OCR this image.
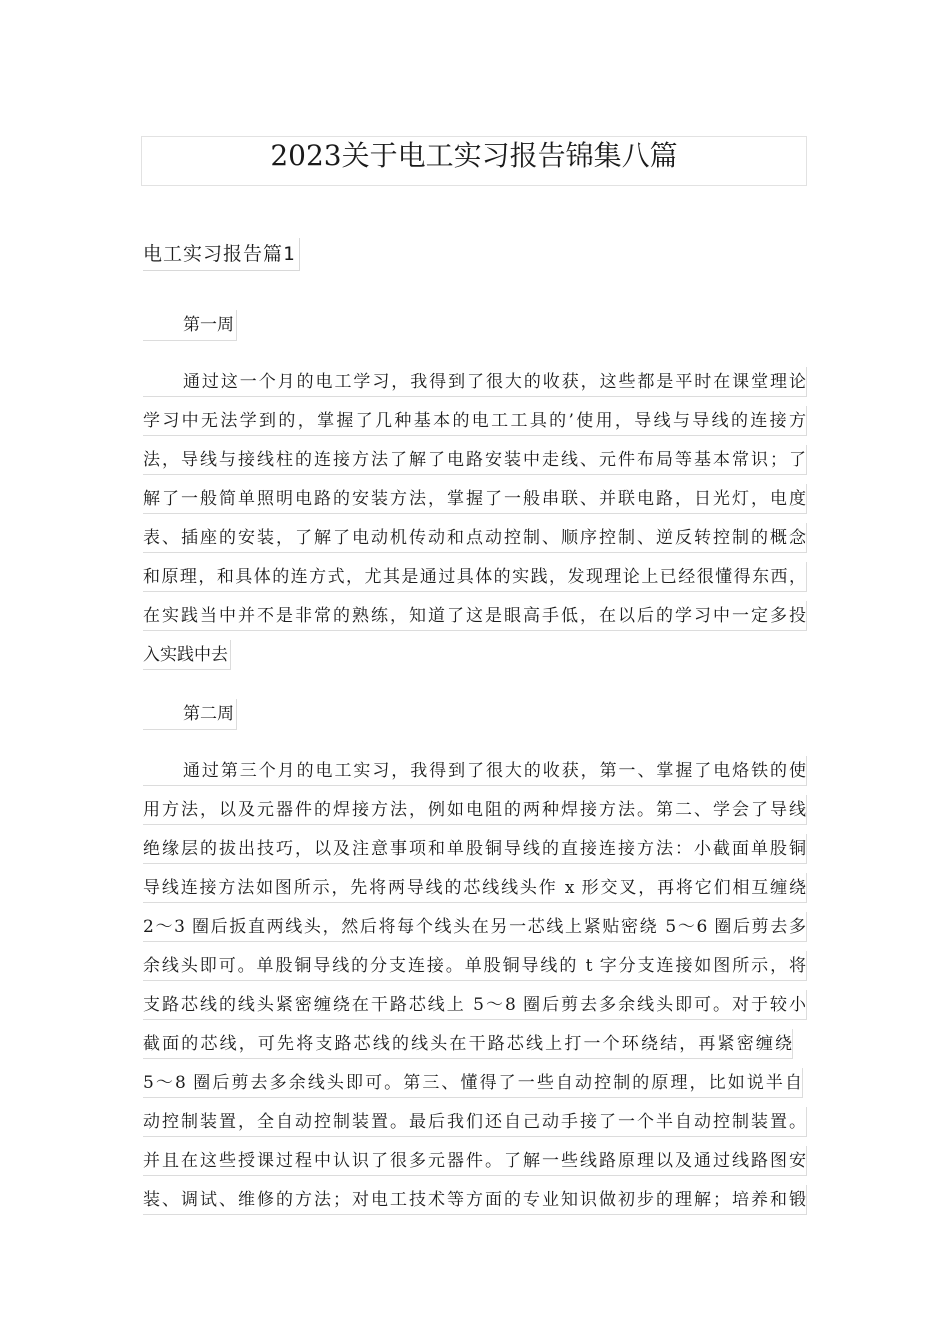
2023关于电工实习报告锦集八篇
电工实习报告篇1
第一周
通过这一个月的电工学习，我得到了很大的收获，这些都是平时在课堂理论
学习中无法学到的，掌握了几种基本的电工工具的’使用，导线与导线的连接方
法，导线与接线柱的连接方法了解了电路安装中走线、元件布局等基本常识；了
解了一般简单照明电路的安装方法，掌握了一般串联、并联电路，日光灯，电度
表、插座的安装，了解了电动机传动和点动控制、顺序控制、逆反转控制的概念
和原理，和具体的连方式，尤其是通过具体的实践，发现理论上已经很懂得东西，
在实践当中并不是非常的熟练，知道了这是眼高手低，在以后的学习中一定多投
入实践中去
第二周
通过第三个月的电工实习，我得到了很大的收获，第一、掌握了电烙铁的使
用方法，以及元器件的焊接方法，例如电阻的两种焊接方法。第二、学会了导线
绝缘层的拔出技巧，以及注意事项和单股铜导线的直接连接方法：小截面单股铜
导线连接方法如图所示，先将两导线的芯线线头作 x 形交叉，再将它们相互缠绕
2～3 圈后扳直两线头，然后将每个线头在另一芯线上紧贴密绕 5～6 圈后剪去多
余线头即可。单股铜导线的分支连接。单股铜导线的 t 字分支连接如图所示，将
支路芯线的线头紧密缠绕在干路芯线上 5～8 圈后剪去多余线头即可。对于较小
截面的芯线，可先将支路芯线的线头在干路芯线上打一个环绕结，再紧密缠绕
5～8 圈后剪去多余线头即可。第三、懂得了一些自动控制的原理，比如说半自
动控制装置，全自动控制装置。最后我们还自己动手接了一个半自动控制装置。
并且在这些授课过程中认识了很多元器件。了解一些线路原理以及通过线路图安
装、调试、维修的方法；对电工技术等方面的专业知识做初步的理解；培养和锻
